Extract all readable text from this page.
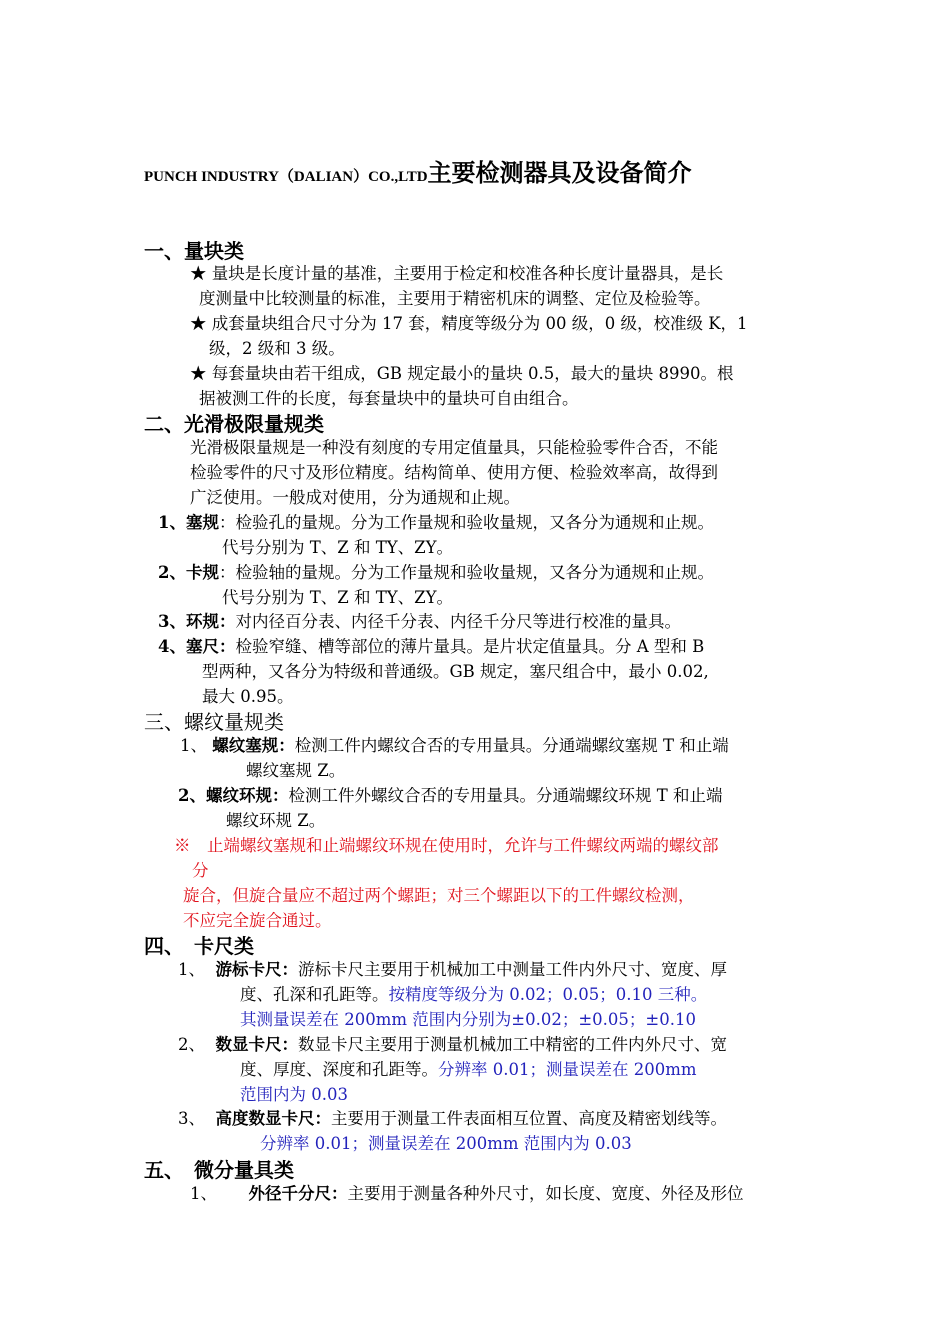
PUNCH INDUSTRY（DALIAN）CO.,LTD主要检测器具及设备简介
一、量块类
★ 量块是长度计量的基准，主要用于检定和校准各种长度计量器具，是长
度测量中比较测量的标准，主要用于精密机床的调整、定位及检验等。
★ 成套量块组合尺寸分为 17 套，精度等级分为 00 级，0 级，校准级 K，1
级，2 级和 3 级。
★ 每套量块由若干组成，GB 规定最小的量块 0.5，最大的量块 8990。根
据被测工件的长度，每套量块中的量块可自由组合。
二、光滑极限量规类
光滑极限量规是一种没有刻度的专用定值量具，只能检验零件合否，不能
检验零件的尺寸及形位精度。结构简单、使用方便、检验效率高，故得到
广泛使用。一般成对使用，分为通规和止规。
1、塞规：检验孔的量规。分为工作量规和验收量规，又各分为通规和止规。
代号分别为 T、Z 和 TY、ZY。
2、卡规：检验轴的量规。分为工作量规和验收量规，又各分为通规和止规。
代号分别为 T、Z 和 TY、ZY。
3、环规：对内径百分表、内径千分表、内径千分尺等进行校准的量具。
4、塞尺：检验窄缝、槽等部位的薄片量具。是片状定值量具。分 A 型和 B
型两种，又各分为特级和普通级。GB 规定，塞尺组合中，最小 0.02,
最大 0.95。
三、螺纹量规类
1、 螺纹塞规：检测工件内螺纹合否的专用量具。分通端螺纹塞规 T 和止端
螺纹塞规 Z。
2、螺纹环规：检测工件外螺纹合否的专用量具。分通端螺纹环规 T 和止端
螺纹环规 Z。
※　止端螺纹塞规和止端螺纹环规在使用时，允许与工件螺纹两端的螺纹部
分
旋合，但旋合量应不超过两个螺距；对三个螺距以下的工件螺纹检测，
不应完全旋合通过。
四、　卡尺类
1、 游标卡尺：游标卡尺主要用于机械加工中测量工件内外尺寸、宽度、厚
度、孔深和孔距等。按精度等级分为 0.02；0.05；0.10 三种。
其测量误差在 200mm 范围内分别为±0.02；±0.05；±0.10
2、 数显卡尺：数显卡尺主要用于测量机械加工中精密的工件内外尺寸、宽
度、厚度、深度和孔距等。分辨率 0.01；测量误差在 200mm
范围内为 0.03
3、 高度数显卡尺：主要用于测量工件表面相互位置、高度及精密划线等。
分辨率 0.01；测量误差在 200mm 范围内为 0.03
五、　微分量具类
1、 外径千分尺：主要用于测量各种外尺寸，如长度、宽度、外径及形位
